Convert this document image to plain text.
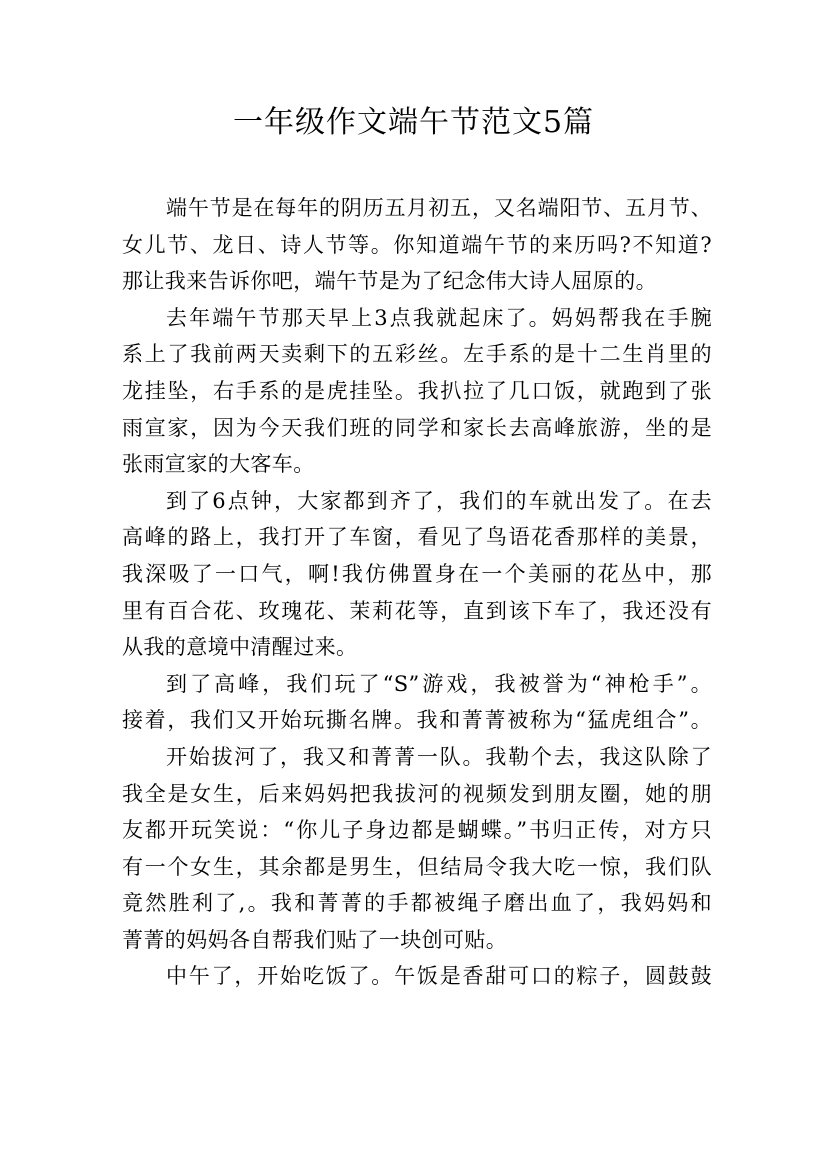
一年级作文端午节范文5篇

端午节是在每年的阴历五月初五，又名端阳节、五月节、
女儿节、龙日、诗人节等。你知道端午节的来历吗?不知道?
那让我来告诉你吧，端午节是为了纪念伟大诗人屈原的。

去年端午节那天早上3点我就起床了。妈妈帮我在手腕
系上了我前两天卖剩下的五彩丝。左手系的是十二生肖里的
龙挂坠，右手系的是虎挂坠。我扒拉了几口饭，就跑到了张
雨宣家，因为今天我们班的同学和家长去高峰旅游，坐的是
张雨宣家的大客车。

到了6点钟，大家都到齐了，我们的车就出发了。在去
高峰的路上，我打开了车窗，看见了鸟语花香那样的美景，
我深吸了一口气，啊!我仿佛置身在一个美丽的花丛中，那
里有百合花、玫瑰花、茉莉花等，直到该下车了，我还没有
从我的意境中清醒过来。

到了高峰，我们玩了“S”游戏，我被誉为“神枪手”。
接着，我们又开始玩撕名牌。我和菁菁被称为“猛虎组合”。

开始拔河了，我又和菁菁一队。我勒个去，我这队除了
我全是女生，后来妈妈把我拔河的视频发到朋友圈，她的朋
友都开玩笑说：“你儿子身边都是蝴蝶。”书归正传，对方只
有一个女生，其余都是男生，但结局令我大吃一惊，我们队
竟然胜利了,。我和菁菁的手都被绳子磨出血了，我妈妈和
菁菁的妈妈各自帮我们贴了一块创可贴。

中午了，开始吃饭了。午饭是香甜可口的粽子，圆鼓鼓
